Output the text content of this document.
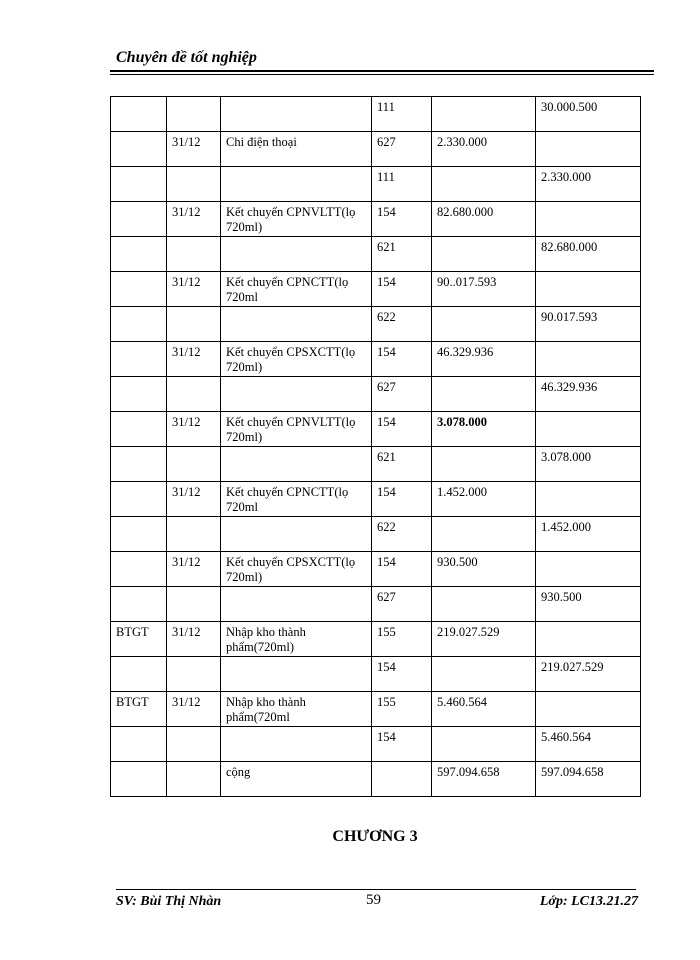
Chuyên đề tốt nghiệp
			111		30.000.500
	31/12	Chi điện thoại	627	2.330.000	
			111		2.330.000
	31/12	Kết chuyển CPNVLTT(lọ 720ml)	154	82.680.000	
			621		82.680.000
	31/12	Kết chuyển CPNCTT(lọ 720ml	154	90..017.593	
			622		90.017.593
	31/12	Kết chuyển CPSXCTT(lọ 720ml)	154	46.329.936	
			627		46.329.936
	31/12	Kết chuyển CPNVLTT(lọ 720ml)	154	3.078.000	
			621		3.078.000
	31/12	Kết chuyển CPNCTT(lọ 720ml	154	1.452.000	
			622		1.452.000
	31/12	Kết chuyển CPSXCTT(lọ 720ml)	154	930.500	
			627		930.500
BTGT	31/12	Nhập kho thành phẩm(720ml)	155	219.027.529	
			154		219.027.529
BTGT	31/12	Nhập kho thành phẩm(720ml	155	5.460.564	
			154		5.460.564
		cộng		597.094.658	597.094.658
CHƯƠNG 3
SV: Bùi Thị Nhàn	59	Lớp: LC13.21.27
